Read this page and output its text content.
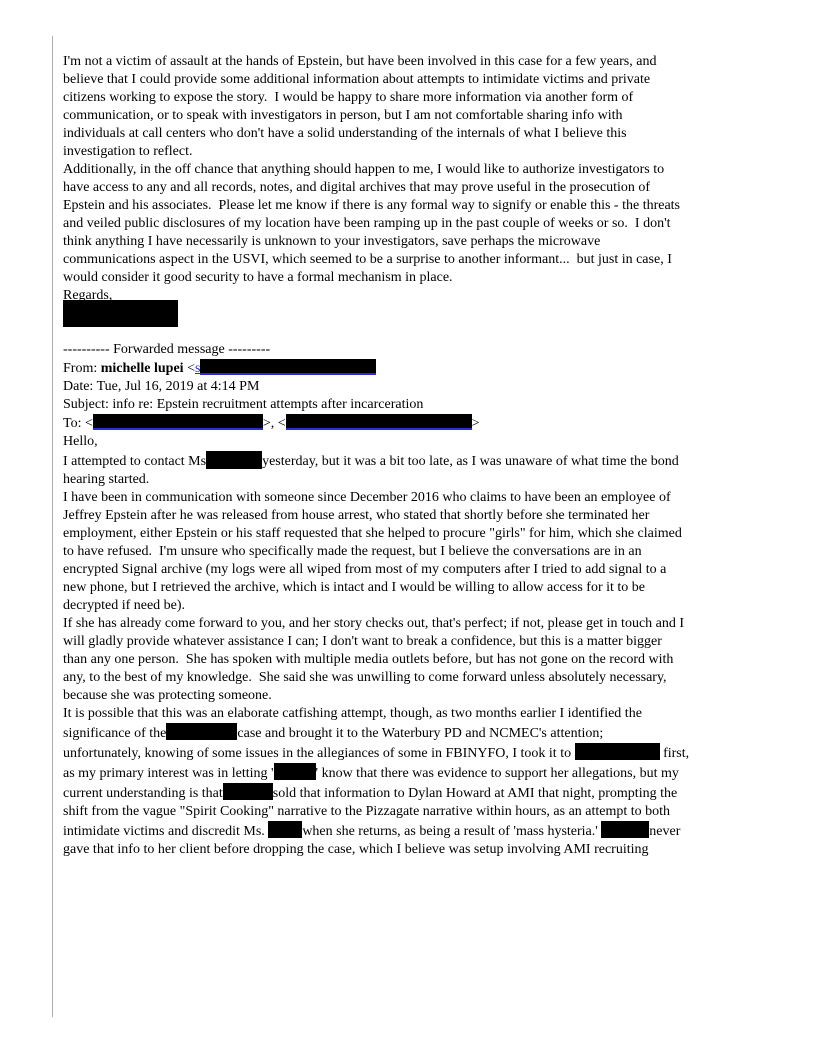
I'm not a victim of assault at the hands of Epstein, but have been involved in this case for a few years, and
believe that I could provide some additional information about attempts to intimidate victims and private
citizens working to expose the story.  I would be happy to share more information via another form of
communication, or to speak with investigators in person, but I am not comfortable sharing info with
individuals at call centers who don't have a solid understanding of the internals of what I believe this
investigation to reflect.

Additionally, in the off chance that anything should happen to me, I would like to authorize investigators to
have access to any and all records, notes, and digital archives that may prove useful in the prosecution of
Epstein and his associates.  Please let me know if there is any formal way to signify or enable this - the threats
and veiled public disclosures of my location have been ramping up in the past couple of weeks or so.  I don't
think anything I have necessarily is unknown to your investigators, save perhaps the microwave
communications aspect in the USVI, which seemed to be a surprise to another informant...  but just in case, I
would consider it good security to have a formal mechanism in place.

Regards,

---------- Forwarded message ---------
From: michelle lupei <s
Date: Tue, Jul 16, 2019 at 4:14 PM
Subject: info re: Epstein recruitment attempts after incarceration
To: <	>, <	>

Hello,

I attempted to contact Ms	yesterday, but it was a bit too late, as I was unaware of what time the bond
hearing started.

I have been in communication with someone since December 2016 who claims to have been an employee of
Jeffrey Epstein after he was released from house arrest, who stated that shortly before she terminated her
employment, either Epstein or his staff requested that she helped to procure "girls" for him, which she claimed
to have refused.  I'm unsure who specifically made the request, but I believe the conversations are in an
encrypted Signal archive (my logs were all wiped from most of my computers after I tried to add signal to a
new phone, but I retrieved the archive, which is intact and I would be willing to allow access for it to be
decrypted if need be).

If she has already come forward to you, and her story checks out, that's perfect; if not, please get in touch and I
will gladly provide whatever assistance I can; I don't want to break a confidence, but this is a matter bigger
than any one person.  She has spoken with multiple media outlets before, but has not gone on the record with
any, to the best of my knowledge.  She said she was unwilling to come forward unless absolutely necessary,
because she was protecting someone.

It is possible that this was an elaborate catfishing attempt, though, as two months earlier I identified the
significance of the	case and brought it to the Waterbury PD and NCMEC's attention;
unfortunately, knowing of some issues in the allegiances of some in FBINYFO, I took it to	first,
as my primary interest was in letting '	' know that there was evidence to support her allegations, but my
current understanding is that	sold that information to Dylan Howard at AMI that night, prompting the
shift from the vague "Spirit Cooking" narrative to the Pizzagate narrative within hours, as an attempt to both
intimidate victims and discredit Ms.	when she returns, as being a result of 'mass hysteria.'	never
gave that info to her client before dropping the case, which I believe was setup involving AMI recruiting
